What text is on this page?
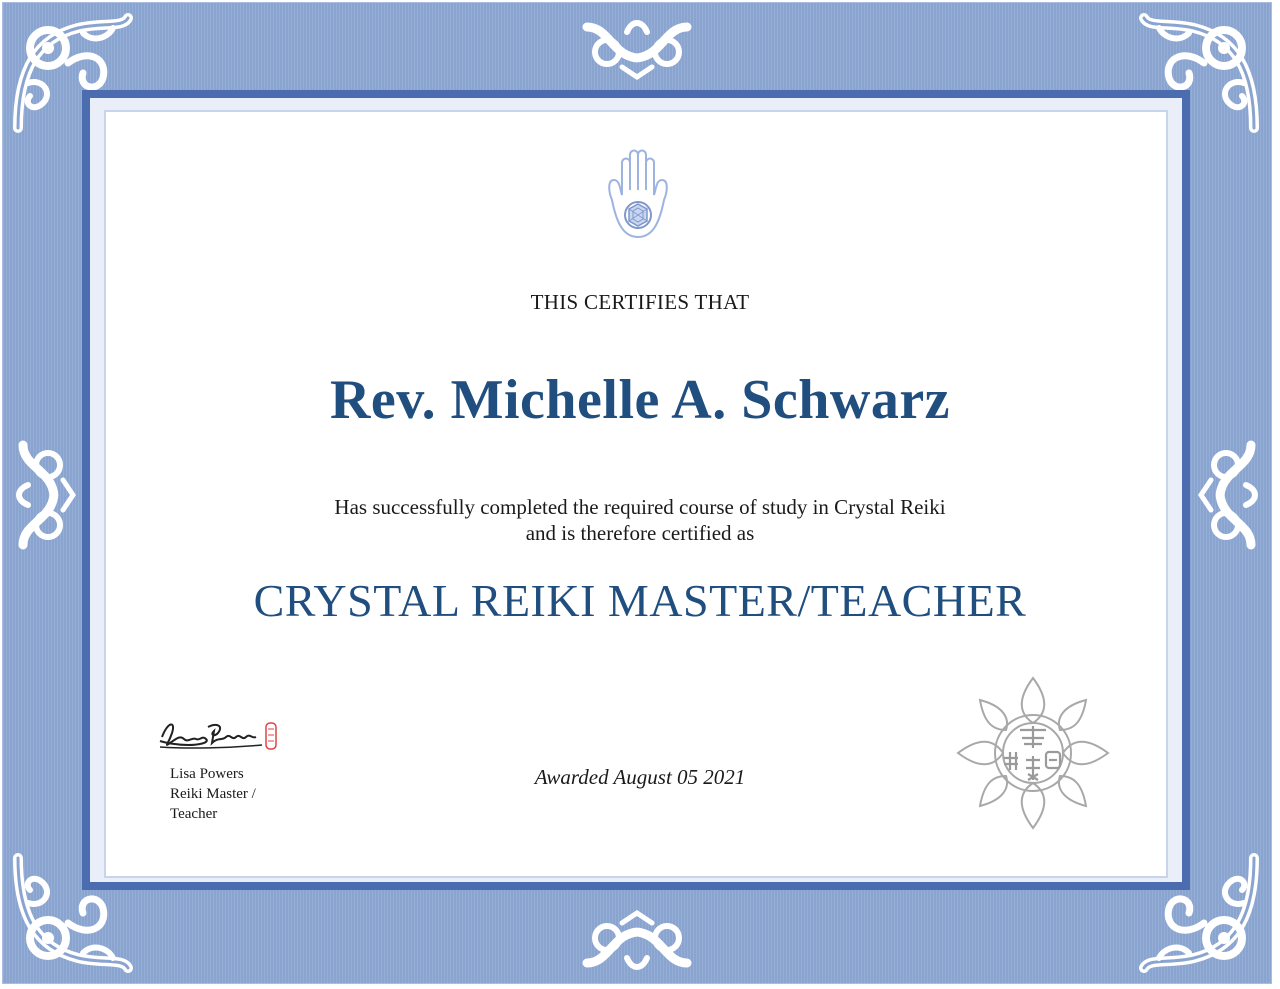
THIS CERTIFIES THAT
Rev. Michelle A. Schwarz
Has successfully completed the required course of study in Crystal Reiki
and is therefore certified as
CRYSTAL REIKI MASTER/TEACHER
Awarded August 05 2021
Lisa Powers
Reiki Master /
Teacher
